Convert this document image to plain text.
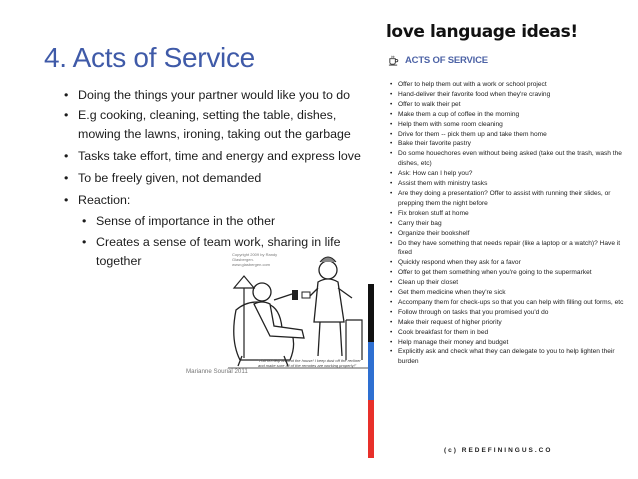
4. Acts of Service
• Doing the things your partner would like you to do
• E.g cooking, cleaning, setting the table, dishes, mowing the lawns, ironing, taking out the garbage
• Tasks take effort, time and energy and express love
• To be freely given, not demanded
• Reaction:
• Sense of importance in the other
• Creates a sense of team work, sharing in life together	Copyright 2009 by Randy Glasbergen. www.glasbergen.com
“I do no help around the house! I keep dust off the recliner and make sure all of the remotes are working properly!”
Marianne Sourial 2011
love language ideas!
ACTS OF SERVICE
• Offer to help them out with a work or school project
• Hand-deliver their favorite food when they're craving
• Offer to walk their pet
• Make them a cup of coffee in the morning
• Help them with some room cleaning
• Drive for them -- pick them up and take them home
• Bake their favorite pastry
• Do some houechores even without being asked (take out the trash, wash the dishes, etc)
• Ask: How can I help you?
• Assist them with ministry tasks
• Are they doing a presentation? Offer to assist with running their slides, or prepping them the night before
• Fix broken stuff at home
• Carry their bag
• Organize their bookshelf
• Do they have something that needs repair (like a laptop or a watch)? Have it fixed
• Quickly respond when they ask for a favor
• Offer to get them something when you're going to the supermarket
• Clean up their closet
• Get them medicine when they're sick
• Accompany them for check-ups so that you can help with filling out forms, etc
• Follow through on tasks that you promised you'd do
• Make their request of higher priority
• Cook breakfast for them in bed
• Help manage their money and budget
• Explicitly ask and check what they can delegate to you to help lighten their burden
(c) REDEFININGUS.CO
